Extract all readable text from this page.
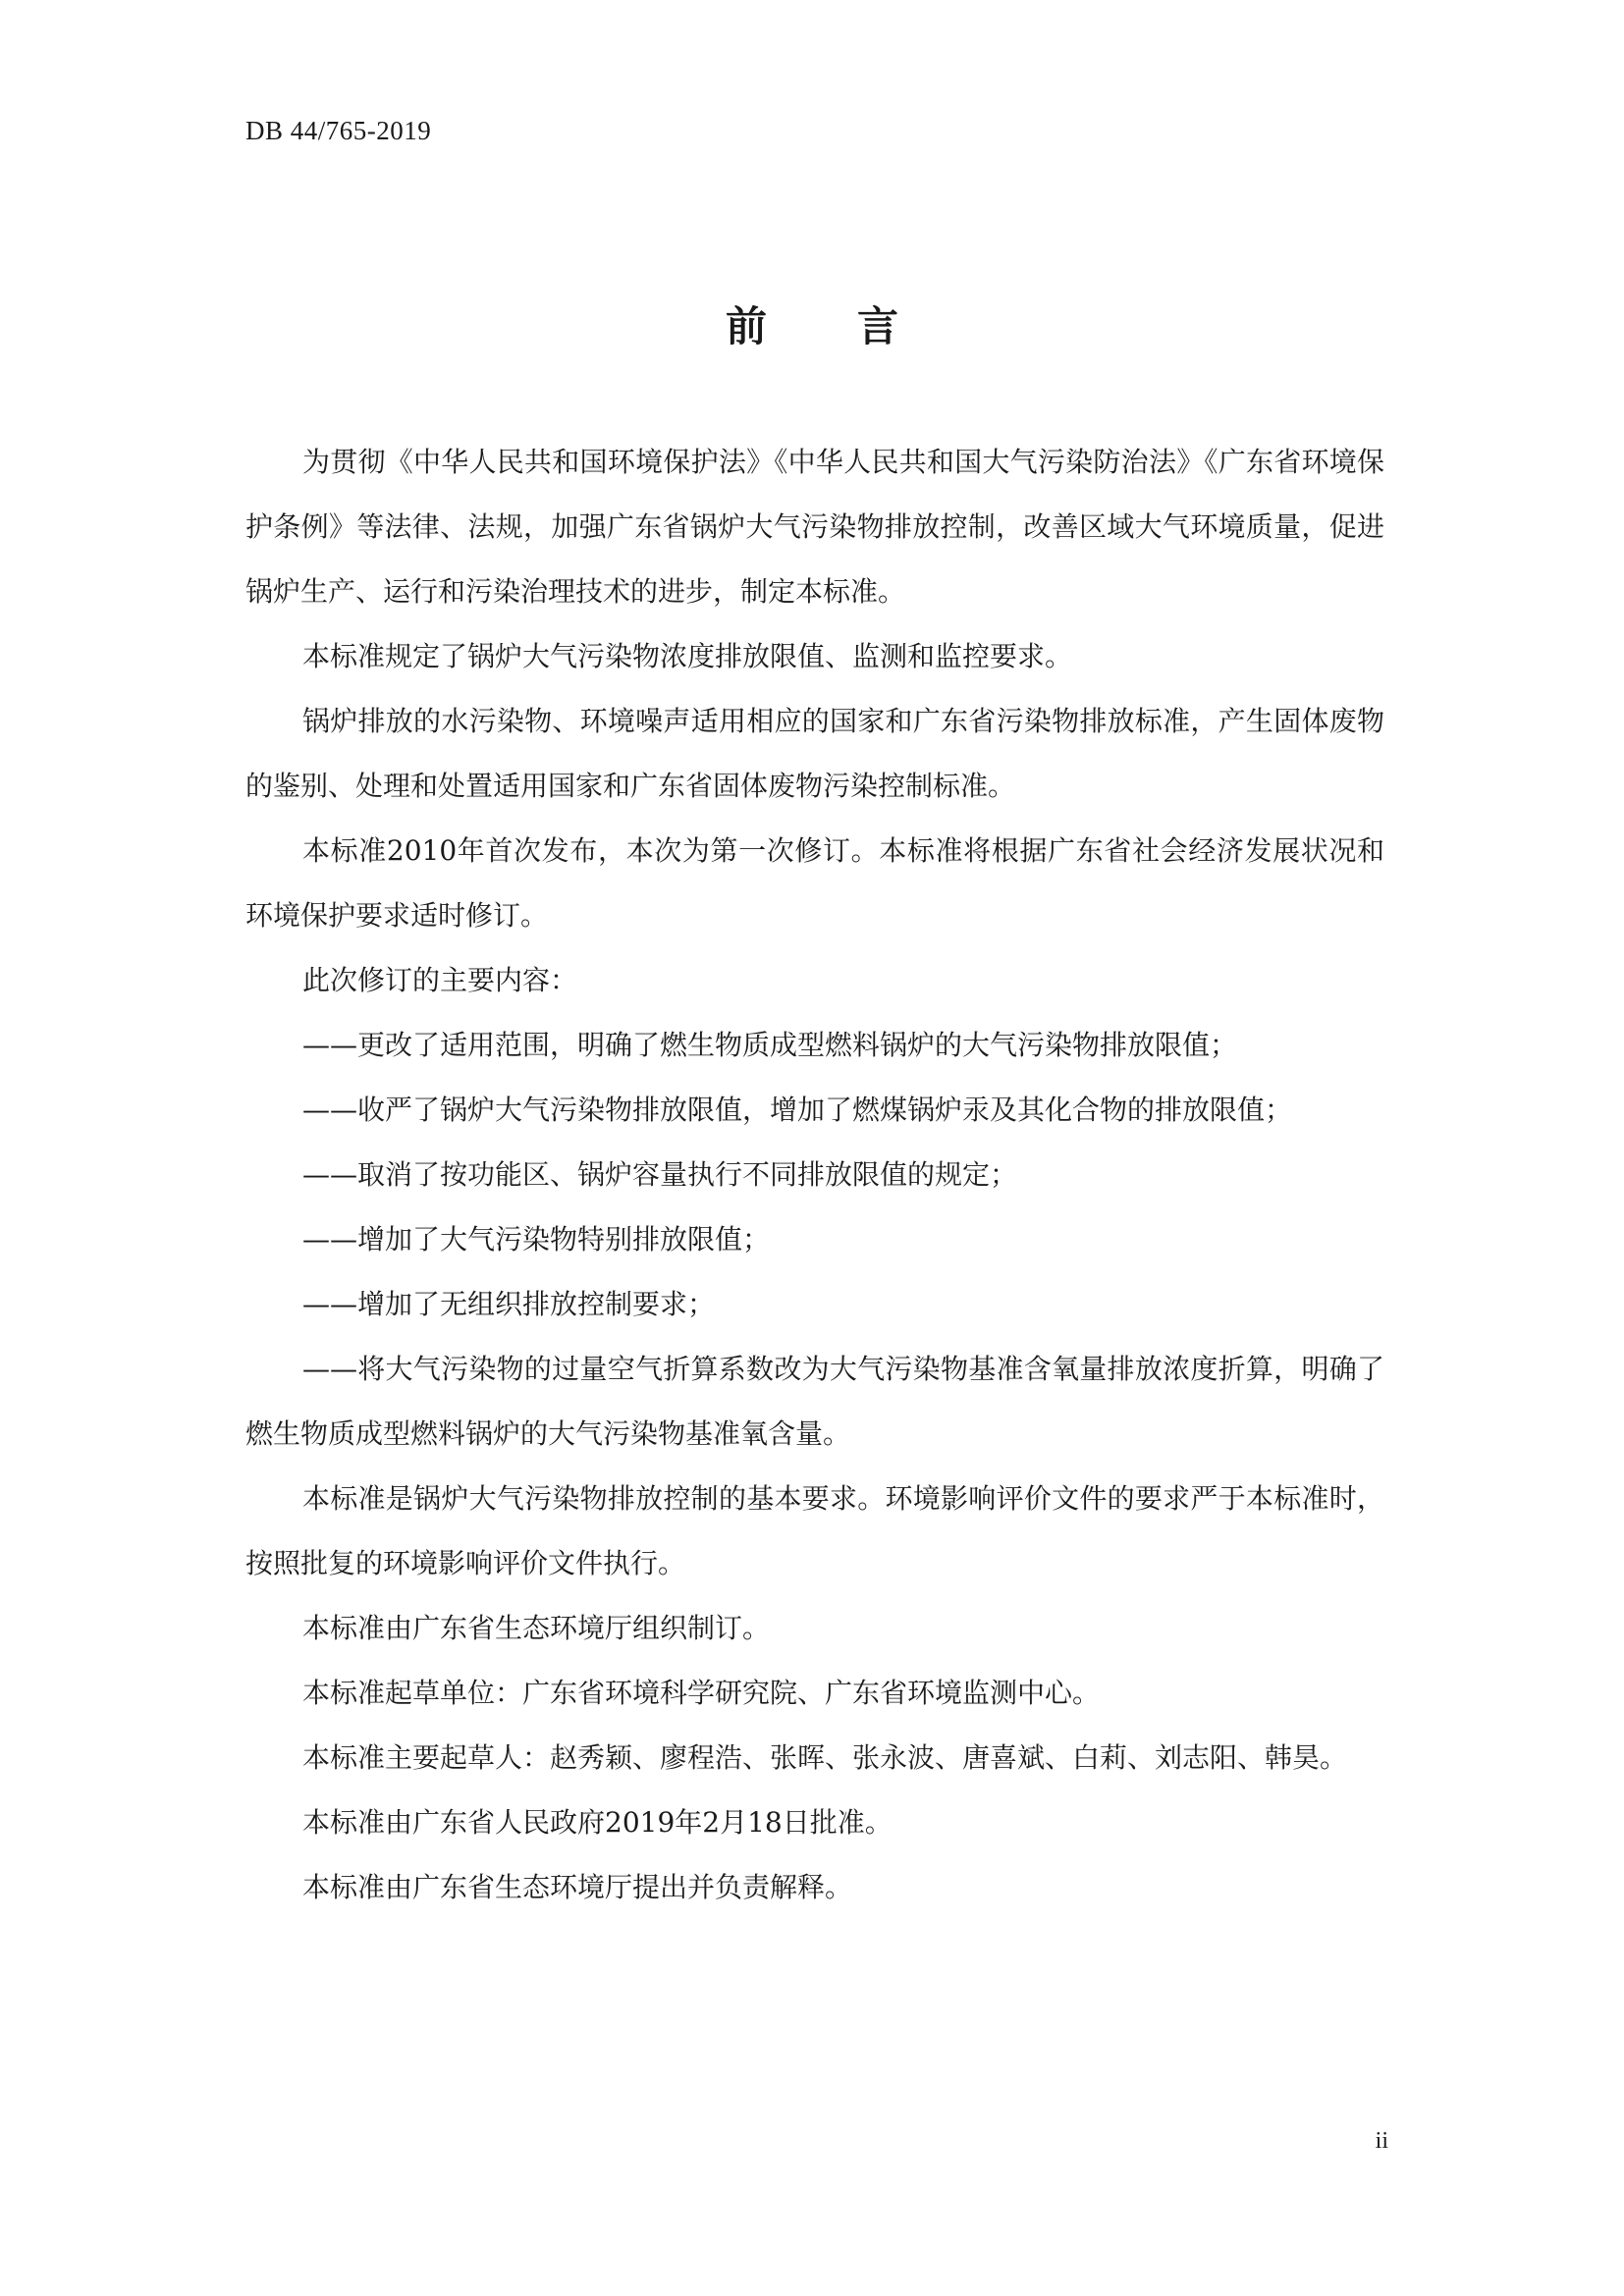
DB 44/765-2019
前 言

为贯彻《中华人民共和国环境保护法》《中华人民共和国大气污染防治法》《广东省环境保护条例》等法律、法规，加强广东省锅炉大气污染物排放控制，改善区域大气环境质量，促进锅炉生产、运行和污染治理技术的进步，制定本标准。

本标准规定了锅炉大气污染物浓度排放限值、监测和监控要求。

锅炉排放的水污染物、环境噪声适用相应的国家和广东省污染物排放标准，产生固体废物的鉴别、处理和处置适用国家和广东省固体废物污染控制标准。

本标准2010年首次发布，本次为第一次修订。本标准将根据广东省社会经济发展状况和环境保护要求适时修订。

此次修订的主要内容：

——更改了适用范围，明确了燃生物质成型燃料锅炉的大气污染物排放限值；

——收严了锅炉大气污染物排放限值，增加了燃煤锅炉汞及其化合物的排放限值；

——取消了按功能区、锅炉容量执行不同排放限值的规定；

——增加了大气污染物特别排放限值；

——增加了无组织排放控制要求；

——将大气污染物的过量空气折算系数改为大气污染物基准含氧量排放浓度折算，明确了燃生物质成型燃料锅炉的大气污染物基准氧含量。

本标准是锅炉大气污染物排放控制的基本要求。环境影响评价文件的要求严于本标准时，按照批复的环境影响评价文件执行。

本标准由广东省生态环境厅组织制订。

本标准起草单位：广东省环境科学研究院、广东省环境监测中心。

本标准主要起草人：赵秀颖、廖程浩、张晖、张永波、唐喜斌、白莉、刘志阳、韩昊。

本标准由广东省人民政府2019年2月18日批准。

本标准由广东省生态环境厅提出并负责解释。

ii
